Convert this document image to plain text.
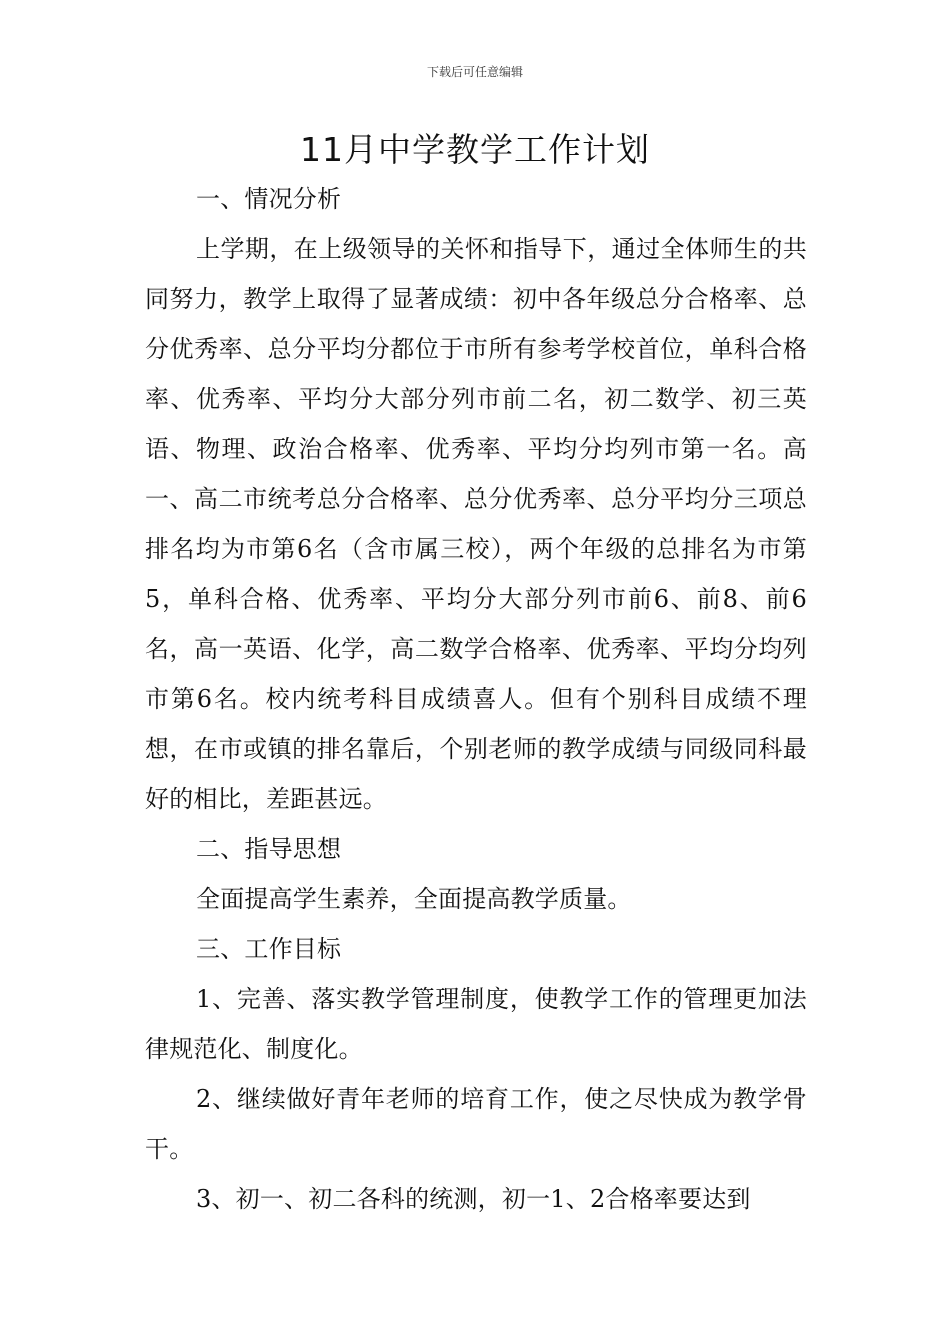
下载后可任意编辑
11月中学教学工作计划

一、情况分析

上学期，在上级领导的关怀和指导下，通过全体师生的共同努力，教学上取得了显著成绩：初中各年级总分合格率、总分优秀率、总分平均分都位于市所有参考学校首位，单科合格率、优秀率、平均分大部分列市前二名，初二数学、初三英语、物理、政治合格率、优秀率、平均分均列市第一名。高一、高二市统考总分合格率、总分优秀率、总分平均分三项总排名均为市第6名（含市属三校），两个年级的总排名为市第5，单科合格、优秀率、平均分大部分列市前6、前8、前6名，高一英语、化学，高二数学合格率、优秀率、平均分均列市第6名。校内统考科目成绩喜人。但有个别科目成绩不理想，在市或镇的排名靠后，个别老师的教学成绩与同级同科最好的相比，差距甚远。

二、指导思想

全面提高学生素养，全面提高教学质量。

三、工作目标

1、完善、落实教学管理制度，使教学工作的管理更加法律规范化、制度化。

2、继续做好青年老师的培育工作，使之尽快成为教学骨干。

3、初一、初二各科的统测，初一1、2合格率要达到
